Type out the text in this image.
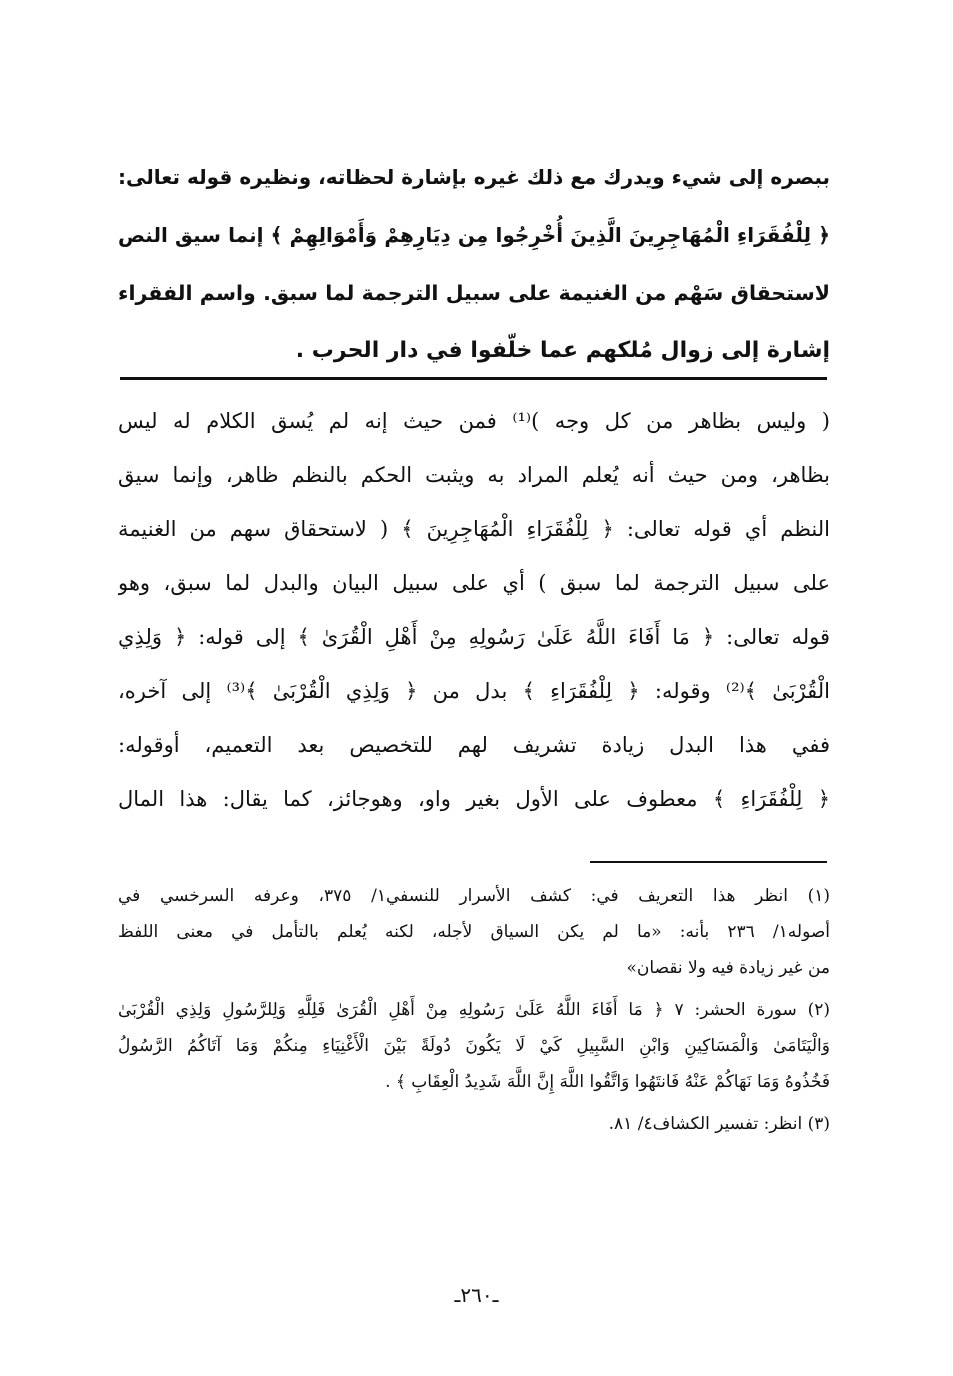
ببصره إلى شيء ويدرك مع ذلك غيره بإشارة لحظاته، ونظيره قوله تعالى:
﴿ لِلْفُقَرَاءِ الْمُهَاجِرِينَ الَّذِينَ أُخْرِجُوا مِن دِيَارِهِمْ وَأَمْوَالِهِمْ ﴾ إنما سيق النص
لاستحقاق سَهْم من الغنيمة على سبيل الترجمة لما سبق. واسم الفقراء
إشارة إلى زوال مُلكهم عما خلّفوا في دار الحرب .
( وليس بظاهر من كل وجه )⁽¹⁾ فمن حيث إنه لم يُسق الكلام له ليس
بظاهر، ومن حيث أنه يُعلم المراد به ويثبت الحكم بالنظم ظاهر، وإنما سيق
النظم أي قوله تعالى: ﴿ لِلْفُقَرَاءِ الْمُهَاجِرِينَ ﴾ ( لاستحقاق سهم من الغنيمة
على سبيل الترجمة لما سبق ) أي على سبيل البيان والبدل لما سبق، وهو
قوله تعالى: ﴿ مَا أَفَاءَ اللَّهُ عَلَىٰ رَسُولِهِ مِنْ أَهْلِ الْقُرَىٰ ﴾ إلى قوله: ﴿ وَلِذِي
الْقُرْبَىٰ ﴾⁽²⁾ وقوله: ﴿ لِلْفُقَرَاءِ ﴾ بدل من ﴿ وَلِذِي الْقُرْبَىٰ ﴾⁽³⁾ إلى آخره،
ففي هذا البدل زيادة تشريف لهم للتخصيص بعد التعميم، أوقوله:
﴿ لِلْفُقَرَاءِ ﴾ معطوف على الأول بغير واو، وهوجائز، كما يقال: هذا المال
(١) انظر هذا التعريف في: كشف الأسرار للنسفي١/ ٣٧٥، وعرفه السرخسي في
أصوله١/ ٢٣٦ بأنه: «ما لم يكن السياق لأجله، لكنه يُعلم بالتأمل في معنى اللفظ
من غير زيادة فيه ولا نقصان»
(٢) سورة الحشر: ٧ ﴿ مَا أَفَاءَ اللَّهُ عَلَىٰ رَسُولِهِ مِنْ أَهْلِ الْقُرَىٰ فَلِلَّهِ وَلِلرَّسُولِ وَلِذِي الْقُرْبَىٰ
وَالْيَتَامَىٰ وَالْمَسَاكِينِ وَابْنِ السَّبِيلِ كَيْ لَا يَكُونَ دُولَةً بَيْنَ الْأَغْنِيَاءِ مِنكُمْ وَمَا آتَاكُمُ الرَّسُولُ
فَخُذُوهُ وَمَا نَهَاكُمْ عَنْهُ فَانتَهُوا وَاتَّقُوا اللَّهَ إِنَّ اللَّهَ شَدِيدُ الْعِقَابِ ﴾ .
(٣) انظر: تفسير الكشاف٤/ ٨١.
ـ٢٦٠ـ
